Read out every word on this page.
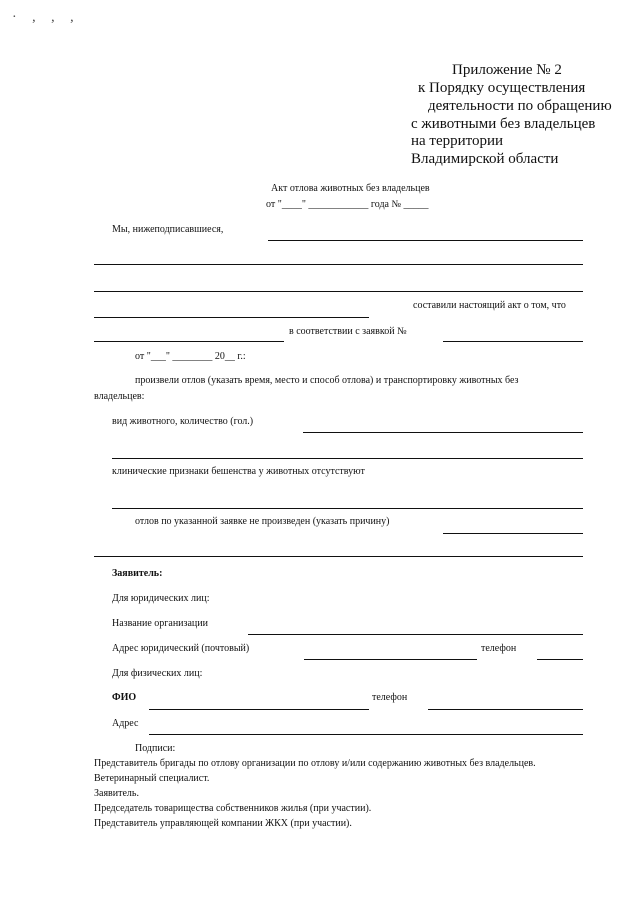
· , , ,
Приложение № 2
к Порядку осуществления
деятельности по обращению
с животными без владельцев
на территории
Владимирской области
Акт отлова животных без владельцев
от "____" ____________ года № _____
Мы, нижеподписавшиеся,
составили настоящий акт о том, что
в соответствии с заявкой №
от "___" ________ 20__ г.:
произвели отлов (указать время, место и способ отлова) и транспортировку животных без
владельцев:
вид животного, количество (гол.)
клинические признаки бешенства у животных отсутствуют
отлов по указанной заявке не произведен (указать причину)
Заявитель:
Для юридических лиц:
Название организации
Адрес юридический (почтовый)	телефон
Для физических лиц:
ФИО	телефон
Адрес
Подписи:
Представитель бригады по отлову организации по отлову и/или содержанию животных без владельцев.
Ветеринарный специалист.
Заявитель.
Председатель товарищества собственников жилья (при участии).
Представитель управляющей компании ЖКХ (при участии).
